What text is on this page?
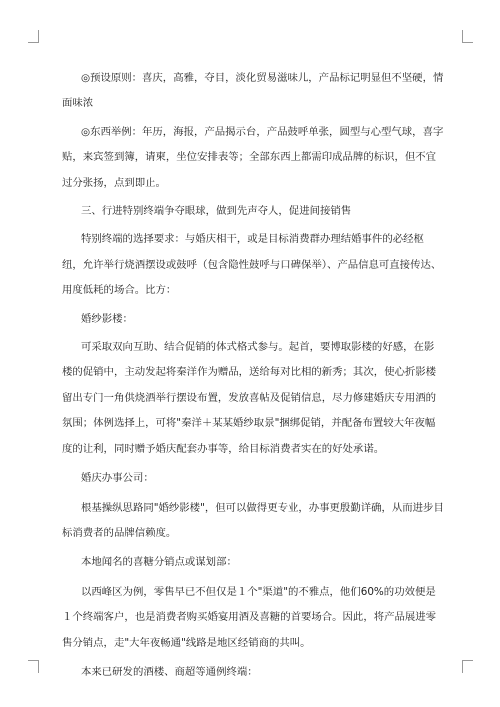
◎预设原则：喜庆，高雅，夺目，淡化贸易滋味儿，产品标记明显但不坚硬，情面味浓

◎东西举例：年历，海报，产品揭示台，产品鼓呼单张，圆型与心型气球，喜字贴，来宾签到簿，请柬，坐位安排表等；全部东西上都需印成品牌的标识，但不宜过分张扬，点到即止。

三、行进特别终端争夺眼球，做到先声夺人，促进间接销售

特别终端的选择要求：与婚庆相干，或是目标消费群办理结婚事件的必经枢纽，允许举行烧酒摆设或鼓呼（包含隐性鼓呼与口碑保举）、产品信息可直接传达、用度低耗的场合。比方：

婚纱影楼：

可采取双向互助、结合促销的体式格式参与。起首，要博取影楼的好感，在影楼的促销中，主动发起将秦洋作为赠品，送给每对比相的新秀；其次，使心折影楼留出专门一角供烧酒举行摆设布置，发放喜帖及促销信息，尽力修建婚庆专用酒的氛围；体例选择上，可将"秦洋＋某某婚纱取景"捆绑促销，并配备布置较大年夜幅度的让利，同时赠予婚庆配套办事等，给目标消费者实在的好处承诺。

婚庆办事公司：

根基操纵思路同"婚纱影楼"，但可以做得更专业，办事更殷勤详确，从而进步目标消费者的品牌信赖度。

本地闻名的喜糖分销点或谋划部：

以西峰区为例，零售早已不但仅是１个"渠道"的不雅点，他们60%的功效便是１个终端客户，也是消费者购买婚宴用酒及喜糖的首要场合。因此，将产品展进零售分销点，走"大年夜畅通"线路是地区经销商的共叫。

本来已研发的酒楼、商超等通例终端：
